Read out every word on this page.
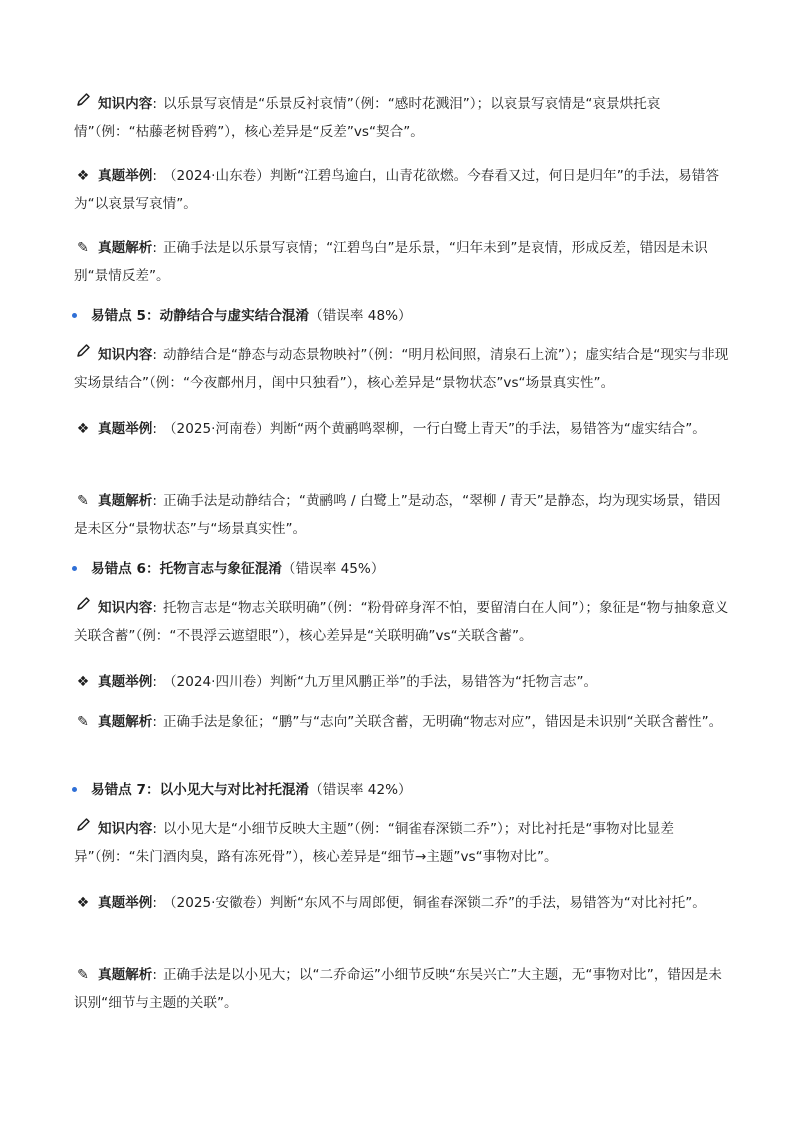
知识内容: 以乐景写哀情是“乐景反衬哀情”（例：“感时花溅泪”）；以哀景写哀情是“哀景烘托哀情”（例：“枯藤老树昏鸦”），核心差异是“反差”vs“契合”。

❖ 真题举例: （2024·山东卷）判断“江碧鸟逾白，山青花欲燃。今春看又过，何日是归年”的手法，易错答为“以哀景写哀情”。

✎ 真题解析: 正确手法是以乐景写哀情；“江碧鸟白”是乐景，“归年未到”是哀情，形成反差，错因是未识别“景情反差”。

易错点 5：动静结合与虚实结合混淆（错误率 48%）

知识内容: 动静结合是“静态与动态景物映衬”（例：“明月松间照，清泉石上流”）；虚实结合是“现实与非现实场景结合”（例：“今夜鄜州月，闺中只独看”），核心差异是“景物状态”vs“场景真实性”。

❖ 真题举例: （2025·河南卷）判断“两个黄鹂鸣翠柳，一行白鹭上青天”的手法，易错答为“虚实结合”。

✎ 真题解析: 正确手法是动静结合；“黄鹂鸣 / 白鹭上”是动态，“翠柳 / 青天”是静态，均为现实场景，错因是未区分“景物状态”与“场景真实性”。

易错点 6：托物言志与象征混淆（错误率 45%）

知识内容: 托物言志是“物志关联明确”（例：“粉骨碎身浑不怕，要留清白在人间”）；象征是“物与抽象意义关联含蓄”（例：“不畏浮云遮望眼”），核心差异是“关联明确”vs“关联含蓄”。

❖ 真题举例: （2024·四川卷）判断“九万里风鹏正举”的手法，易错答为“托物言志”。

✎ 真题解析: 正确手法是象征；“鹏”与“志向”关联含蓄，无明确“物志对应”，错因是未识别“关联含蓄性”。

易错点 7：以小见大与对比衬托混淆（错误率 42%）

知识内容: 以小见大是“小细节反映大主题”（例：“铜雀春深锁二乔”）；对比衬托是“事物对比显差异”（例：“朱门酒肉臭，路有冻死骨”），核心差异是“细节→主题”vs“事物对比”。

❖ 真题举例: （2025·安徽卷）判断“东风不与周郎便，铜雀春深锁二乔”的手法，易错答为“对比衬托”。

✎ 真题解析: 正确手法是以小见大；以“二乔命运”小细节反映“东吴兴亡”大主题，无“事物对比”，错因是未识别“细节与主题的关联”。
